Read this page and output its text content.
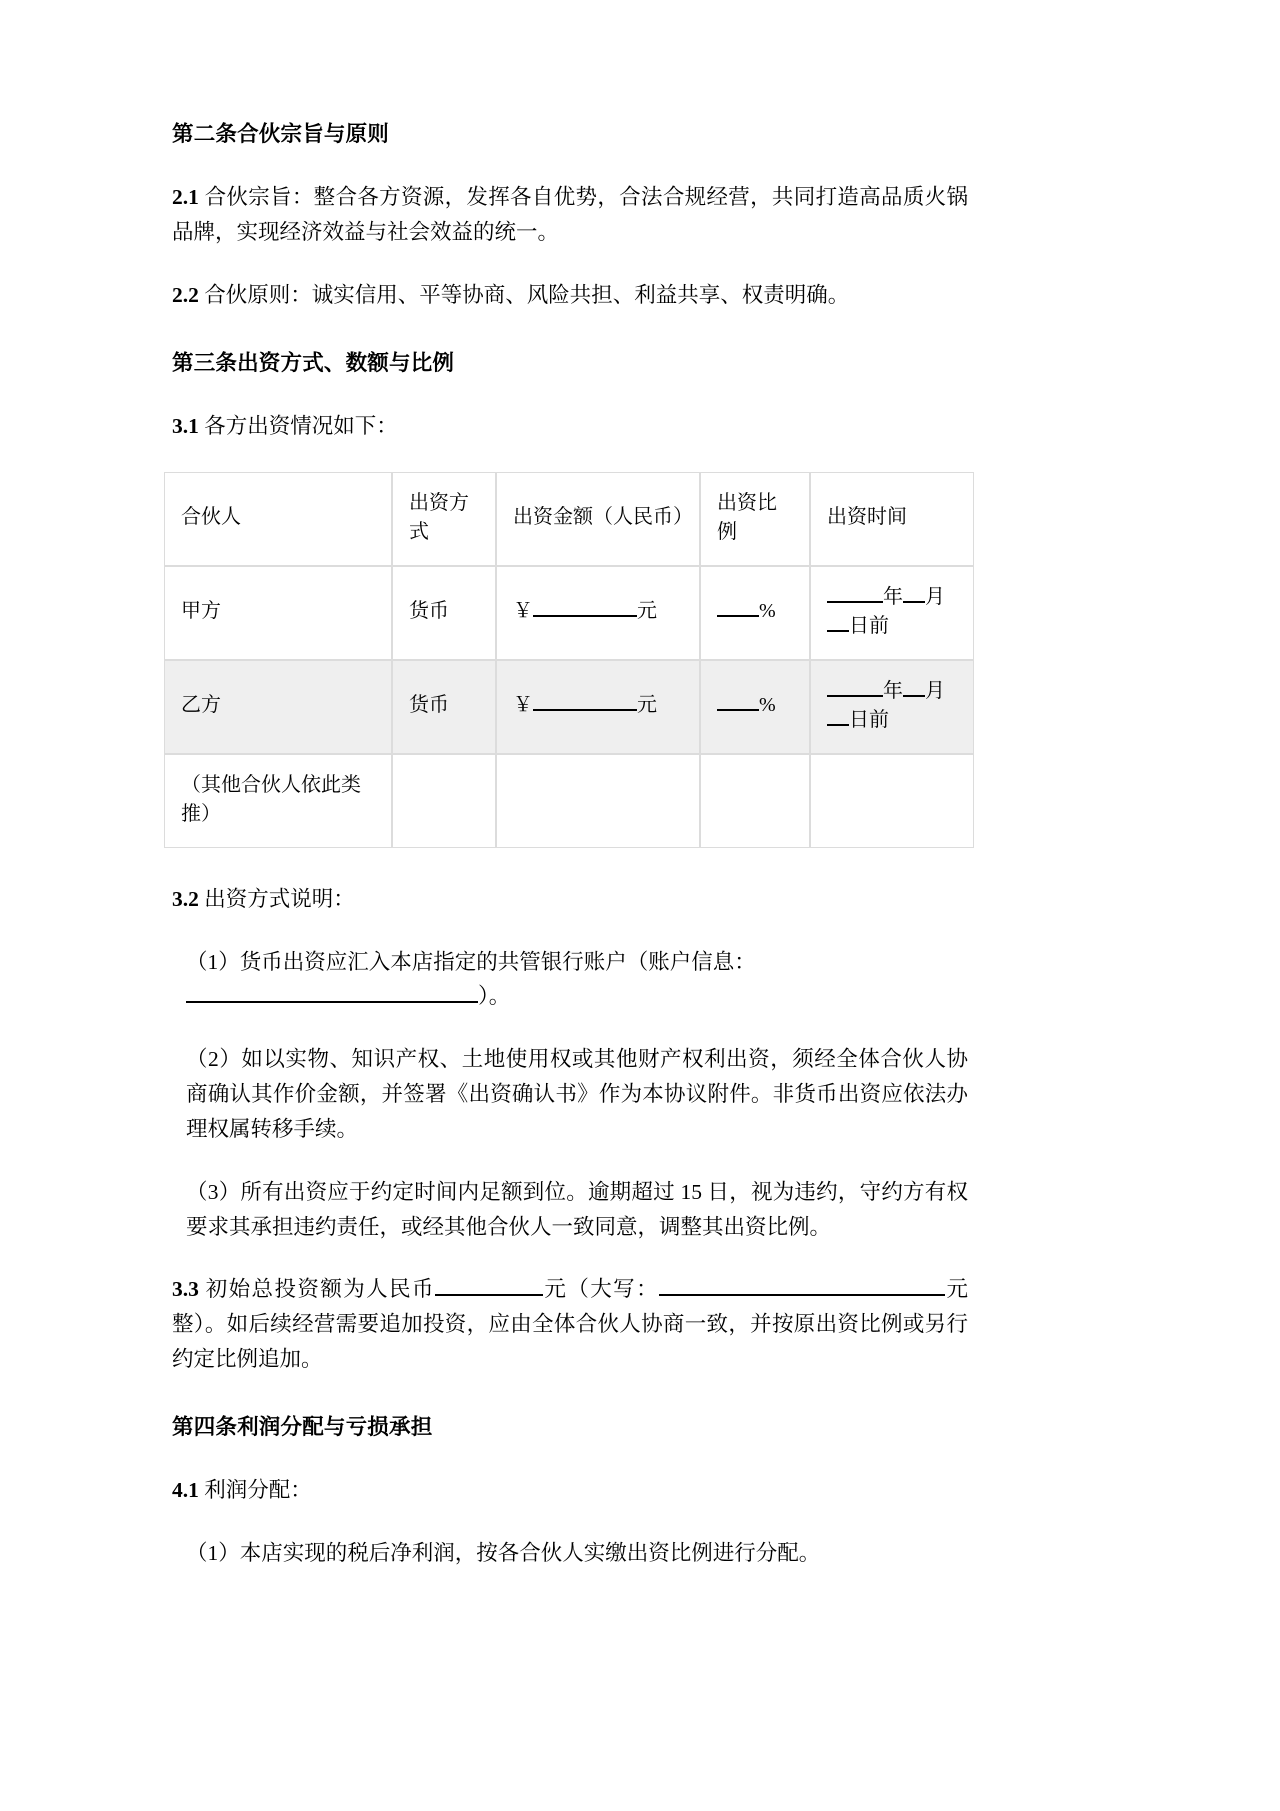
第二条合伙宗旨与原则

2.1 合伙宗旨：整合各方资源，发挥各自优势，合法合规经营，共同打造高品质火锅品牌，实现经济效益与社会效益的统一。

2.2 合伙原则：诚实信用、平等协商、风险共担、利益共享、权责明确。

第三条出资方式、数额与比例

3.1 各方出资情况如下：

合伙人	出资方式	出资金额（人民币）	出资比例	出资时间
甲方	货币	￥ 元	%	年 月日前
乙方	货币	￥ 元	%	年 月日前
（其他合伙人依此类推）				

3.2 出资方式说明：

（1）货币出资应汇入本店指定的共管银行账户（账户信息：
）。

（2）如以实物、知识产权、土地使用权或其他财产权利出资，须经全体合伙人协商确认其作价金额，并签署《出资确认书》作为本协议附件。非货币出资应依法办理权属转移手续。

（3）所有出资应于约定时间内足额到位。逾期超过 15 日，视为违约，守约方有权要求其承担违约责任，或经其他合伙人一致同意，调整其出资比例。

3.3 初始总投资额为人民币	元（大写：	元整）。如后续经营需要追加投资，应由全体合伙人协商一致，并按原出资比例或另行约定比例追加。

第四条利润分配与亏损承担

4.1 利润分配：

（1）本店实现的税后净利润，按各合伙人实缴出资比例进行分配。
